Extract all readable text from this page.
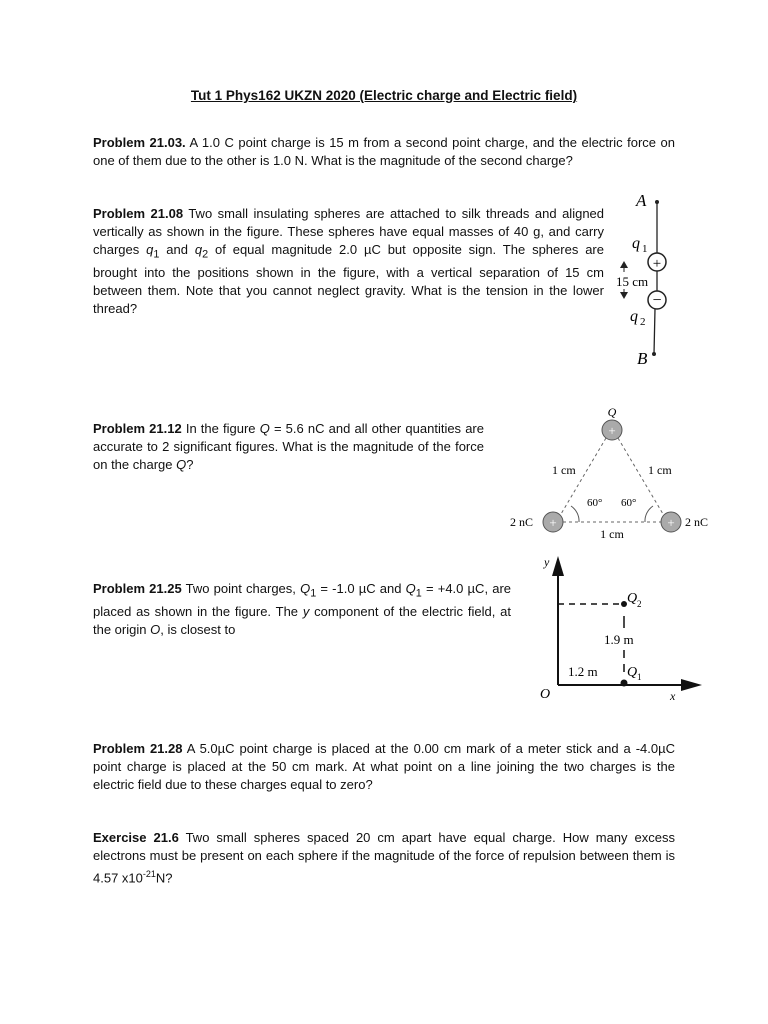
Tut 1 Phys162 UKZN 2020 (Electric charge and Electric field)
Problem 21.03. A 1.0 C point charge is 15 m from a second point charge, and the electric force on one of them due to the other is 1.0 N. What is the magnitude of the second charge?
Problem 21.08 Two small insulating spheres are attached to silk threads and aligned vertically as shown in the figure. These spheres have equal masses of 40 g, and carry charges $q_1$ and $q_2$ of equal magnitude 2.0 µC but opposite sign. The spheres are brought into the positions shown in the figure, with a vertical separation of 15 cm between them. Note that you cannot neglect gravity. What is the tension in the lower thread?
A
q 1
+
15 cm
−
q 2
B
Problem 21.12 In the figure Q = 5.6 nC and all other quantities are accurate to 2 significant figures. What is the magnitude of the force on the charge Q?
Q
+
1 cm	1 cm
60° 60°
+	+
2 nC	2 nC
1 cm
Problem 21.25 Two point charges, $Q_1 = -1.0$ µC and $Q_1 = +4.0$ µC, are placed as shown in the figure. The y component of the electric field, at the origin O, is closest to
y
x
O
Q 2
1.9 m
Q 1
1.2 m
Problem 21.28 A 5.0µC point charge is placed at the 0.00 cm mark of a meter stick and a -4.0µC point charge is placed at the 50 cm mark. At what point on a line joining the two charges is the electric field due to these charges equal to zero?
Exercise 21.6 Two small spheres spaced 20 cm apart have equal charge. How many excess electrons must be present on each sphere if the magnitude of the force of repulsion between them is 4.57 $x10^{-21}N$?
